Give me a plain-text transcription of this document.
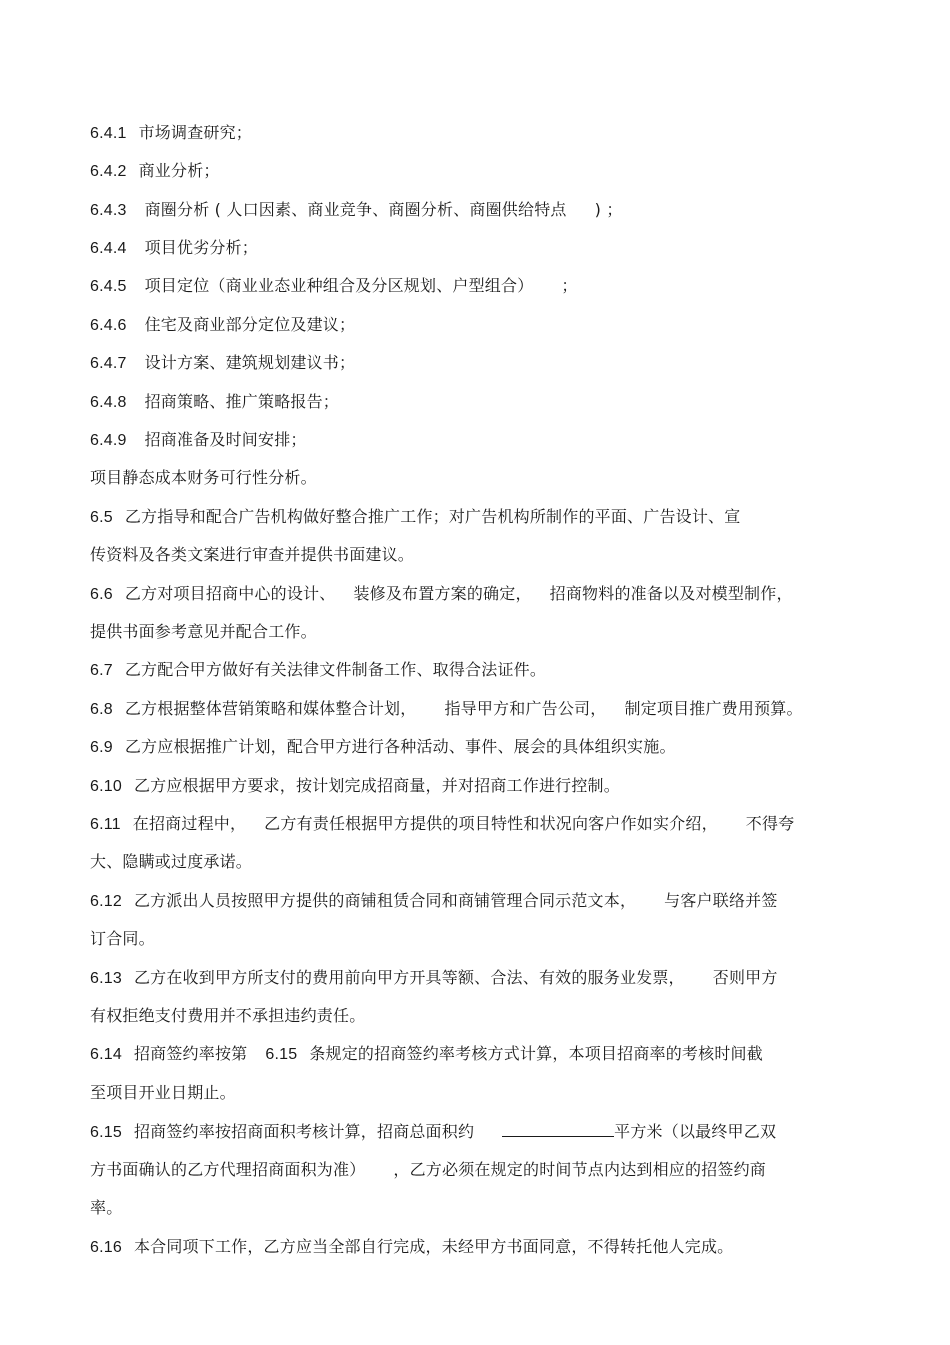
6.4.1 市场调查研究；
6.4.2 商业分析；
6.4.3 商圈分析 ( 人口因素、商业竞争、商圈分析、商圈供给特点 ) ；
6.4.4 项目优劣分析；
6.4.5 项目定位（商业业态业种组合及分区规划、户型组合） ；
6.4.6 住宅及商业部分定位及建议；
6.4.7 设计方案、建筑规划建议书；
6.4.8 招商策略、推广策略报告；
6.4.9 招商准备及时间安排；
项目静态成本财务可行性分析。
6.5 乙方指导和配合广告机构做好整合推广工作；对广告机构所制作的平面、广告设计、宣
传资料及各类文案进行审查并提供书面建议。
6.6 乙方对项目招商中心的设计、 装修及布置方案的确定， 招商物料的准备以及对模型制作，
提供书面参考意见并配合工作。
6.7 乙方配合甲方做好有关法律文件制备工作、取得合法证件。
6.8 乙方根据整体营销策略和媒体整合计划， 指导甲方和广告公司， 制定项目推广费用预算。
6.9 乙方应根据推广计划，配合甲方进行各种活动、事件、展会的具体组织实施。
6.10 乙方应根据甲方要求，按计划完成招商量，并对招商工作进行控制。
6.11 在招商过程中， 乙方有责任根据甲方提供的项目特性和状况向客户作如实介绍， 不得夸
大、隐瞒或过度承诺。
6.12 乙方派出人员按照甲方提供的商铺租赁合同和商铺管理合同示范文本， 与客户联络并签
订合同。
6.13 乙方在收到甲方所支付的费用前向甲方开具等额、合法、有效的服务业发票， 否则甲方
有权拒绝支付费用并不承担违约责任。
6.14 招商签约率按第 6.15 条规定的招商签约率考核方式计算，本项目招商率的考核时间截
至项目开业日期止。
6.15 招商签约率按招商面积考核计算，招商总面积约	平方米（以最终甲乙双
方书面确认的乙方代理招商面积为准） ，乙方必须在规定的时间节点内达到相应的招签约商
率。
6.16 本合同项下工作，乙方应当全部自行完成，未经甲方书面同意，不得转托他人完成。
